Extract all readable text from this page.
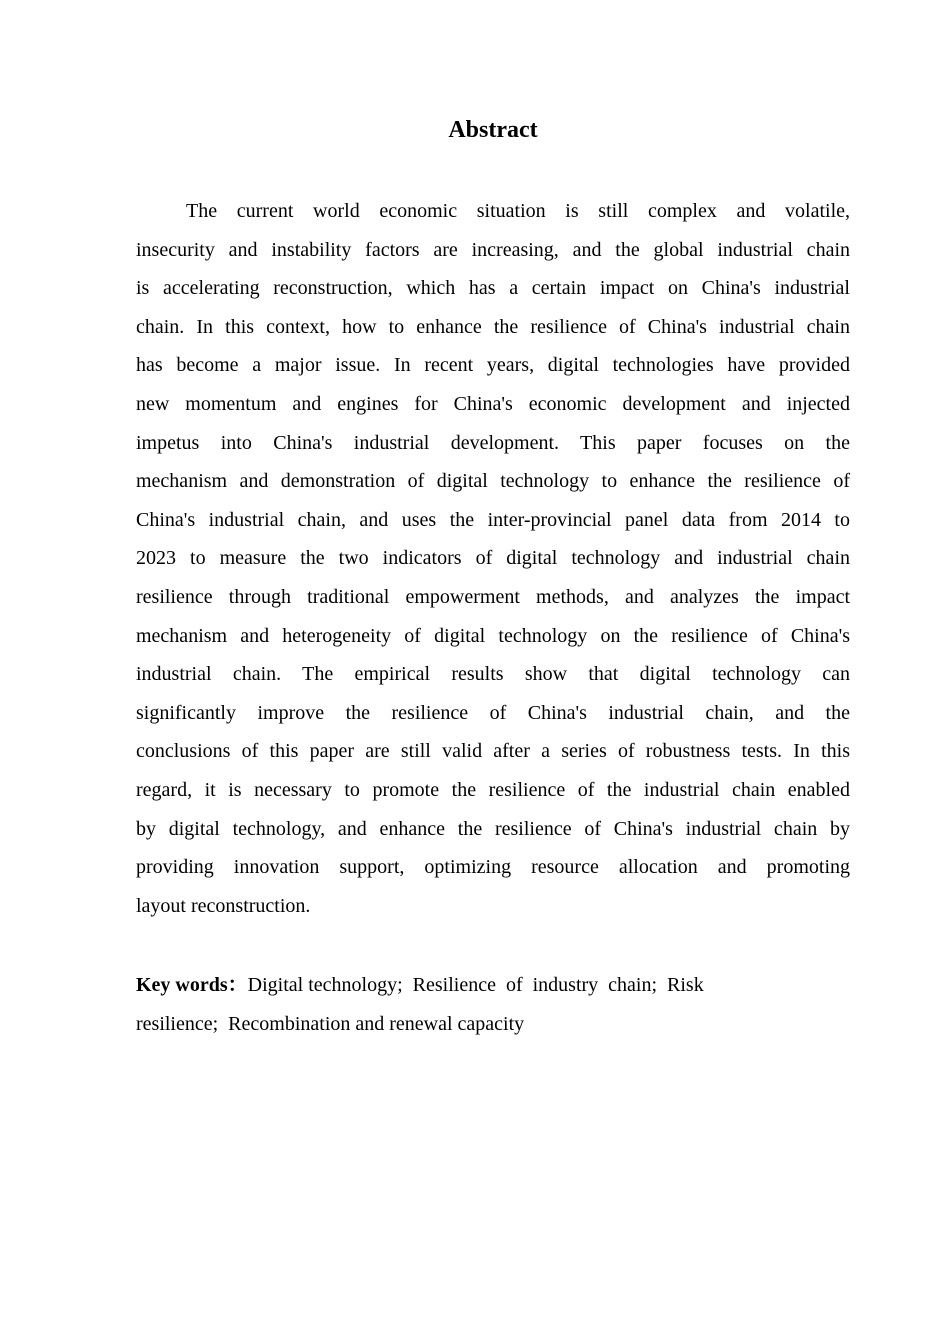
Abstract
The current world economic situation is still complex and volatile,
insecurity and instability factors are increasing, and the global industrial chain
is accelerating reconstruction, which has a certain impact on China's industrial
chain. In this context, how to enhance the resilience of China's industrial chain
has become a major issue. In recent years, digital technologies have provided
new momentum and engines for China's economic development and injected
impetus into China's industrial development. This paper focuses on the
mechanism and demonstration of digital technology to enhance the resilience of
China's industrial chain, and uses the inter-provincial panel data from 2014 to
2023 to measure the two indicators of digital technology and industrial chain
resilience through traditional empowerment methods, and analyzes the impact
mechanism and heterogeneity of digital technology on the resilience of China's
industrial chain. The empirical results show that digital technology can
significantly improve the resilience of China's industrial chain, and the
conclusions of this paper are still valid after a series of robustness tests. In this
regard, it is necessary to promote the resilience of the industrial chain enabled
by digital technology, and enhance the resilience of China's industrial chain by
providing innovation support, optimizing resource allocation and promoting
layout reconstruction.
Key words：Digital technology;  Resilience  of  industry  chain;  Risk
resilience;  Recombination and renewal capacity
